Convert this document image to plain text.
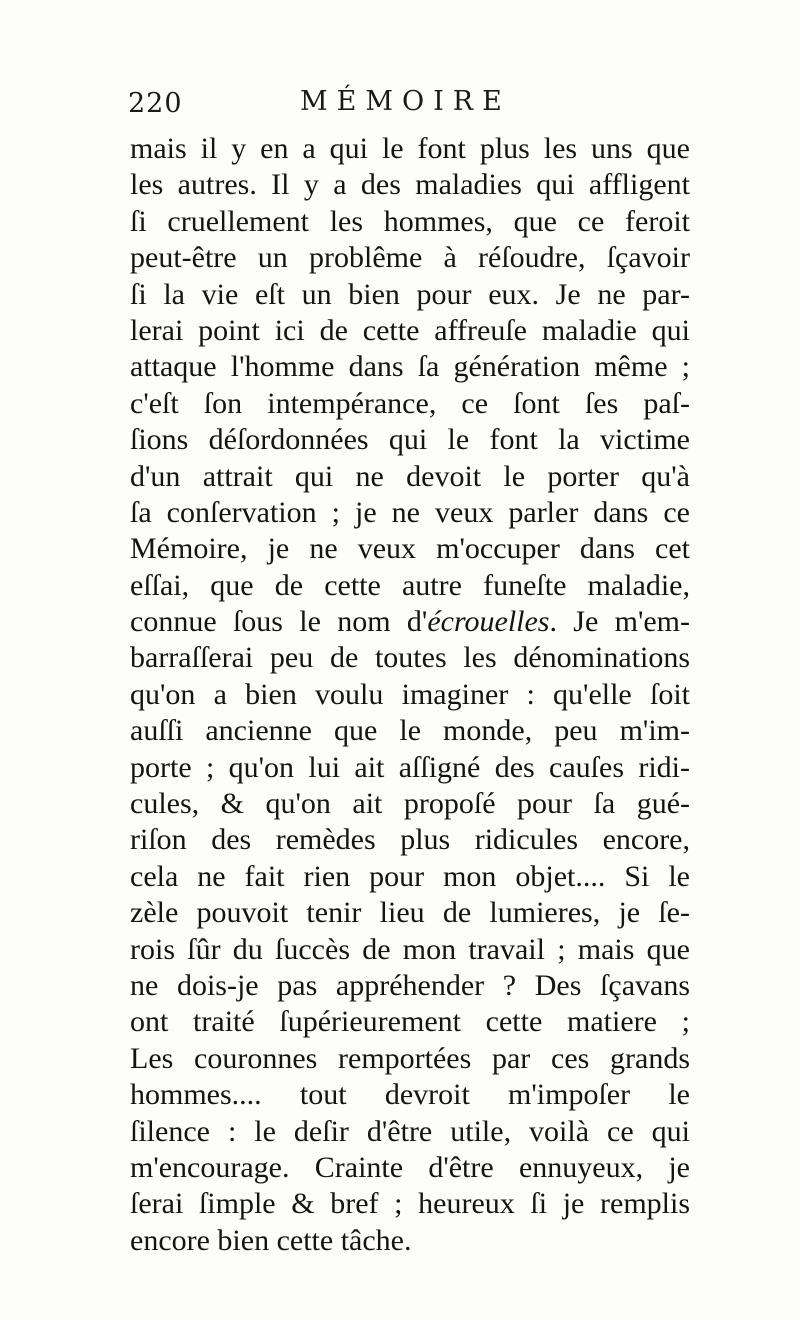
220	MÉMOIRE
mais il y en a qui le font plus les uns que
les autres. Il y a des maladies qui affligent
ſi cruellement les hommes, que ce feroit
peut-être un problême à réſoudre, ſçavoir
ſi la vie eſt un bien pour eux. Je ne par-
lerai point ici de cette affreuſe maladie qui
attaque l'homme dans ſa génération même ;
c'eſt ſon intempérance, ce ſont ſes paſ-
ſions déſordonnées qui le font la victime
d'un attrait qui ne devoit le porter qu'à
ſa conſervation ; je ne veux parler dans ce
Mémoire, je ne veux m'occuper dans cet
eſſai, que de cette autre funeſte maladie,
connue ſous le nom d'écrouelles. Je m'em-
barraſſerai peu de toutes les dénominations
qu'on a bien voulu imaginer : qu'elle ſoit
auſſi ancienne que le monde, peu m'im-
porte ; qu'on lui ait aſſigné des cauſes ridi-
cules, & qu'on ait propoſé pour ſa gué-
riſon des remèdes plus ridicules encore,
cela ne fait rien pour mon objet.... Si le
zèle pouvoit tenir lieu de lumieres, je ſe-
rois ſûr du ſuccès de mon travail ; mais que
ne dois-je pas appréhender ? Des ſçavans
ont traité ſupérieurement cette matiere ;
Les couronnes remportées par ces grands
hommes.... tout devroit m'impoſer le
ſilence : le deſir d'être utile, voilà ce qui
m'encourage. Crainte d'être ennuyeux, je
ſerai ſimple & bref ; heureux ſi je remplis
encore bien cette tâche.
